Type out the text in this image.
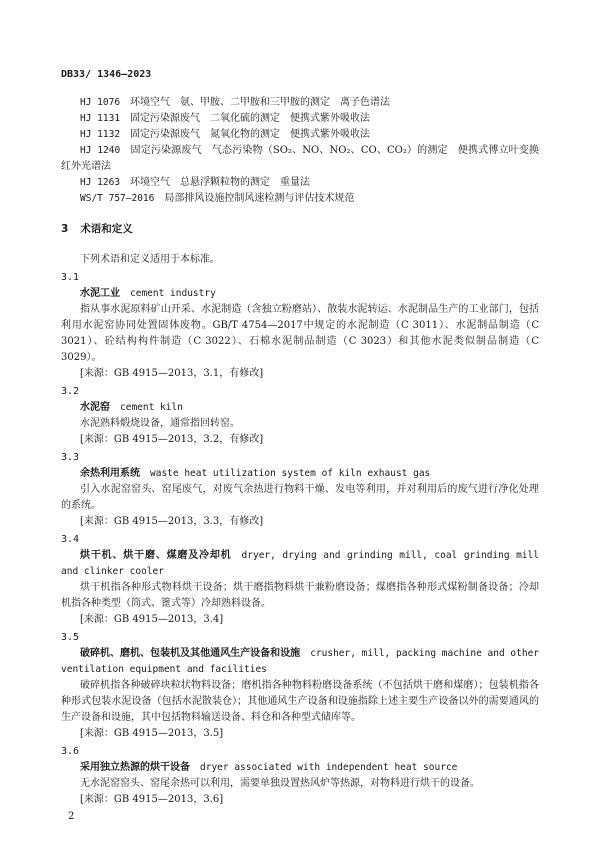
DB33/ 1346—2023

HJ 1076　 环境空气　氨、甲胺、二甲胺和三甲胺的测定　离子色谱法

HJ 1131　 固定污染源废气　二氧化硫的测定　便携式紫外吸收法

HJ 1132　 固定污染源废气　氮氧化物的测定　便携式紫外吸收法

HJ 1240　 固定污染源废气　气态污染物（SO₂、NO、NO₂、CO、CO₂）的测定　便携式傅立叶变换红外光谱法

HJ 1263　 环境空气　总悬浮颗粒物的测定　重量法

WS/T 757—2016　 局部排风设施控制风速检测与评估技术规范

3 术语和定义
下列术语和定义适用于本标准。
3.1
水泥工业 cement industry

指从事水泥原料矿山开采、水泥制造（含独立粉磨站）、散装水泥转运、水泥制品生产的工业部门，包括利用水泥窑协同处置固体废物。GB/T 4754—2017中规定的水泥制造（C 3011）、水泥制品制造（C 3021）、砼结构构件制造（C 3022）、石棉水泥制品制造（C 3023）和其他水泥类似制品制造（C 3029）。

[来源：GB 4915—2013，3.1，有修改]

3.2
水泥窑 cement kiln

水泥熟料煅烧设备，通常指回转窑。

[来源：GB 4915—2013，3.2，有修改]

3.3
余热利用系统 waste heat utilization system of kiln exhaust gas

引入水泥窑窑头、窑尾废气，对废气余热进行物料干燥、发电等利用，并对利用后的废气进行净化处理的系统。

[来源：GB 4915—2013，3.3，有修改]

3.4
烘干机、烘干磨、煤磨及冷却机 dryer, drying and grinding mill, coal grinding mill and clinker cooler

烘干机指各种形式物料烘干设备；烘干磨指物料烘干兼粉磨设备；煤磨指各种形式煤粉制备设备；冷却机指各种类型（筒式、篦式等）冷却熟料设备。

[来源：GB 4915—2013，3.4]

3.5
破碎机、磨机、包装机及其他通风生产设备和设施 crusher, mill, packing machine and other ventilation equipment and facilities

破碎机指各种破碎块粒状物料设备；磨机指各种物料粉磨设备系统（不包括烘干磨和煤磨）；包装机指各种形式包装水泥设备（包括水泥散装仓）；其他通风生产设备和设施指除上述主要生产设备以外的需要通风的生产设备和设施，其中包括物料输送设备、料仓和各种型式储库等。

[来源：GB 4915—2013，3.5]

3.6
采用独立热源的烘干设备 dryer associated with independent heat source

无水泥窑窑头、窑尾余热可以利用，需要单独设置热风炉等热源，对物料进行烘干的设备。

[来源：GB 4915—2013，3.6]

2
